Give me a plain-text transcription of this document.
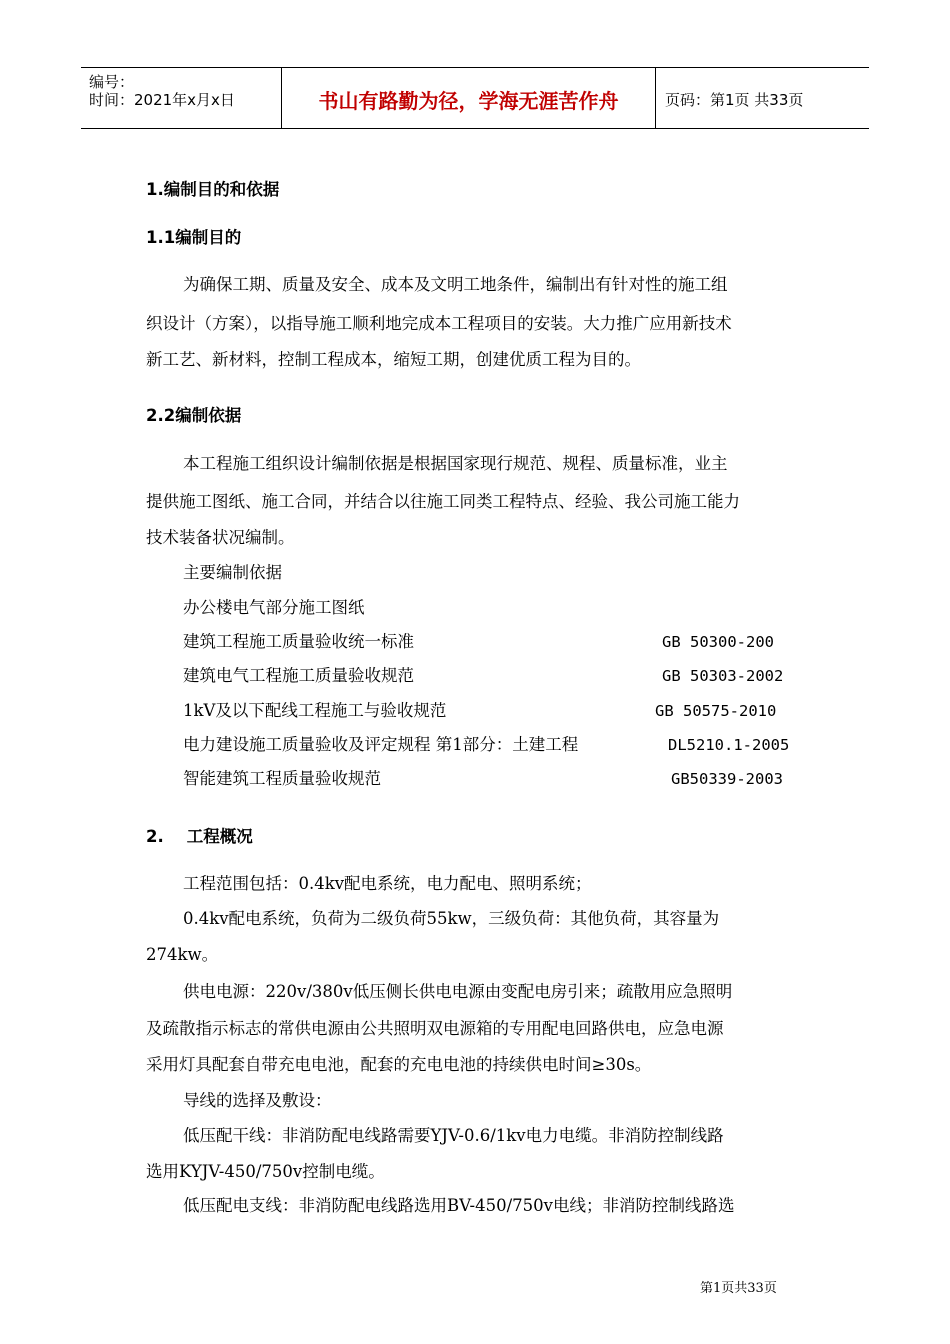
编号：
时间：2021年x月x日	书山有路勤为径，学海无涯苦作舟	页码：第1页 共33页
1.编制目的和依据
1.1编制目的
为确保工期、质量及安全、成本及文明工地条件，编制出有针对性的施工组
织设计（方案），以指导施工顺利地完成本工程项目的安装。大力推广应用新技术
新工艺、新材料，控制工程成本，缩短工期，创建优质工程为目的。
2.2编制依据
本工程施工组织设计编制依据是根据国家现行规范、规程、质量标准，业主
提供施工图纸、施工合同，并结合以往施工同类工程特点、经验、我公司施工能力
技术装备状况编制。
主要编制依据
办公楼电气部分施工图纸
建筑工程施工质量验收统一标准	GB 50300-200
建筑电气工程施工质量验收规范	GB 50303-2002
1kV及以下配线工程施工与验收规范	GB 50575-2010
电力建设施工质量验收及评定规程 第1部分：土建工程	DL5210.1-2005
智能建筑工程质量验收规范	GB50339-2003
2.    工程概况
工程范围包括：0.4kv配电系统，电力配电、照明系统；
0.4kv配电系统，负荷为二级负荷55kw，三级负荷：其他负荷，其容量为
274kw。
供电电源：220v/380v低压侧长供电电源由变配电房引来；疏散用应急照明
及疏散指示标志的常供电源由公共照明双电源箱的专用配电回路供电，应急电源
采用灯具配套自带充电电池，配套的充电电池的持续供电时间≥30s。
导线的选择及敷设：
低压配干线：非消防配电线路需要YJV-0.6/1kv电力电缆。非消防控制线路
选用KYJV-450/750v控制电缆。
低压配电支线：非消防配电线路选用BV-450/750v电线；非消防控制线路选
第1页共33页
